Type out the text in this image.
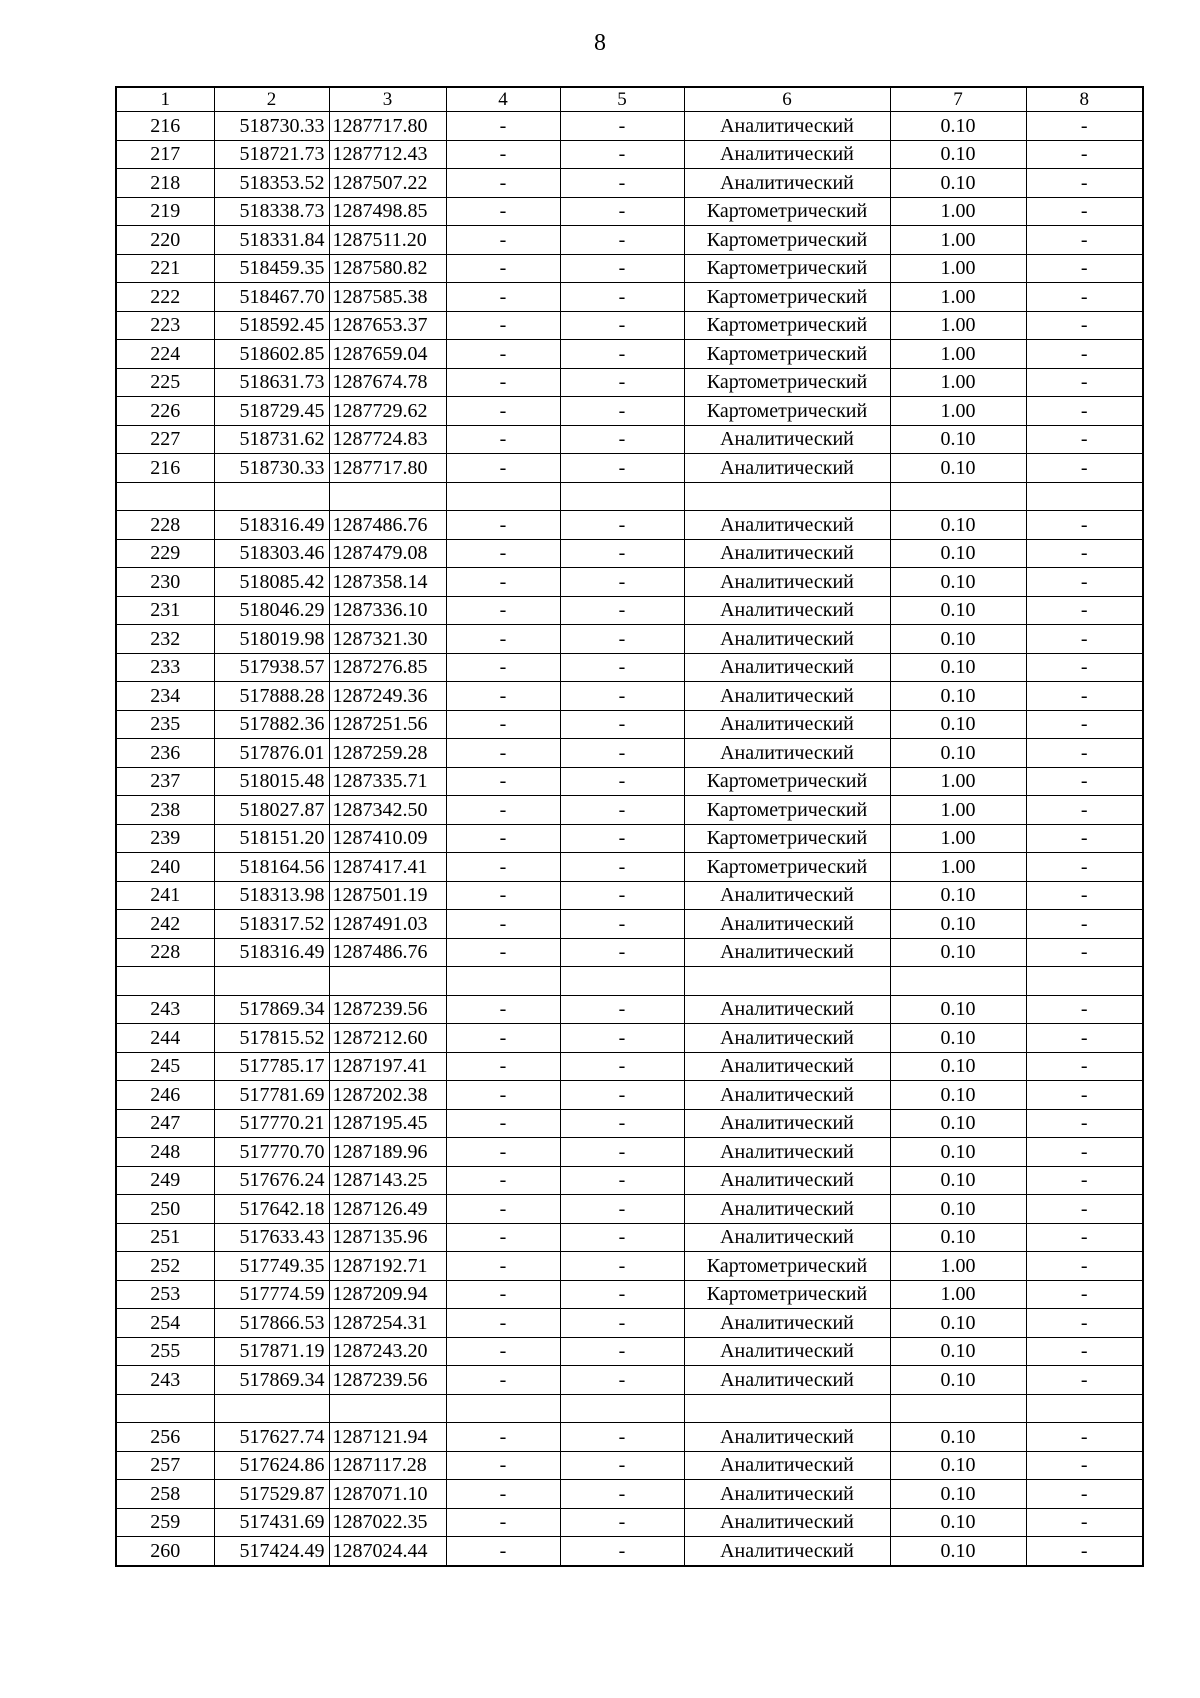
8
1	2	3	4	5	6	7	8
216	518730.33	1287717.80	-	-	Аналитический	0.10	-
217	518721.73	1287712.43	-	-	Аналитический	0.10	-
218	518353.52	1287507.22	-	-	Аналитический	0.10	-
219	518338.73	1287498.85	-	-	Картометрический	1.00	-
220	518331.84	1287511.20	-	-	Картометрический	1.00	-
221	518459.35	1287580.82	-	-	Картометрический	1.00	-
222	518467.70	1287585.38	-	-	Картометрический	1.00	-
223	518592.45	1287653.37	-	-	Картометрический	1.00	-
224	518602.85	1287659.04	-	-	Картометрический	1.00	-
225	518631.73	1287674.78	-	-	Картометрический	1.00	-
226	518729.45	1287729.62	-	-	Картометрический	1.00	-
227	518731.62	1287724.83	-	-	Аналитический	0.10	-
216	518730.33	1287717.80	-	-	Аналитический	0.10	-

228	518316.49	1287486.76	-	-	Аналитический	0.10	-
229	518303.46	1287479.08	-	-	Аналитический	0.10	-
230	518085.42	1287358.14	-	-	Аналитический	0.10	-
231	518046.29	1287336.10	-	-	Аналитический	0.10	-
232	518019.98	1287321.30	-	-	Аналитический	0.10	-
233	517938.57	1287276.85	-	-	Аналитический	0.10	-
234	517888.28	1287249.36	-	-	Аналитический	0.10	-
235	517882.36	1287251.56	-	-	Аналитический	0.10	-
236	517876.01	1287259.28	-	-	Аналитический	0.10	-
237	518015.48	1287335.71	-	-	Картометрический	1.00	-
238	518027.87	1287342.50	-	-	Картометрический	1.00	-
239	518151.20	1287410.09	-	-	Картометрический	1.00	-
240	518164.56	1287417.41	-	-	Картометрический	1.00	-
241	518313.98	1287501.19	-	-	Аналитический	0.10	-
242	518317.52	1287491.03	-	-	Аналитический	0.10	-
228	518316.49	1287486.76	-	-	Аналитический	0.10	-

243	517869.34	1287239.56	-	-	Аналитический	0.10	-
244	517815.52	1287212.60	-	-	Аналитический	0.10	-
245	517785.17	1287197.41	-	-	Аналитический	0.10	-
246	517781.69	1287202.38	-	-	Аналитический	0.10	-
247	517770.21	1287195.45	-	-	Аналитический	0.10	-
248	517770.70	1287189.96	-	-	Аналитический	0.10	-
249	517676.24	1287143.25	-	-	Аналитический	0.10	-
250	517642.18	1287126.49	-	-	Аналитический	0.10	-
251	517633.43	1287135.96	-	-	Аналитический	0.10	-
252	517749.35	1287192.71	-	-	Картометрический	1.00	-
253	517774.59	1287209.94	-	-	Картометрический	1.00	-
254	517866.53	1287254.31	-	-	Аналитический	0.10	-
255	517871.19	1287243.20	-	-	Аналитический	0.10	-
243	517869.34	1287239.56	-	-	Аналитический	0.10	-

256	517627.74	1287121.94	-	-	Аналитический	0.10	-
257	517624.86	1287117.28	-	-	Аналитический	0.10	-
258	517529.87	1287071.10	-	-	Аналитический	0.10	-
259	517431.69	1287022.35	-	-	Аналитический	0.10	-
260	517424.49	1287024.44	-	-	Аналитический	0.10	-
